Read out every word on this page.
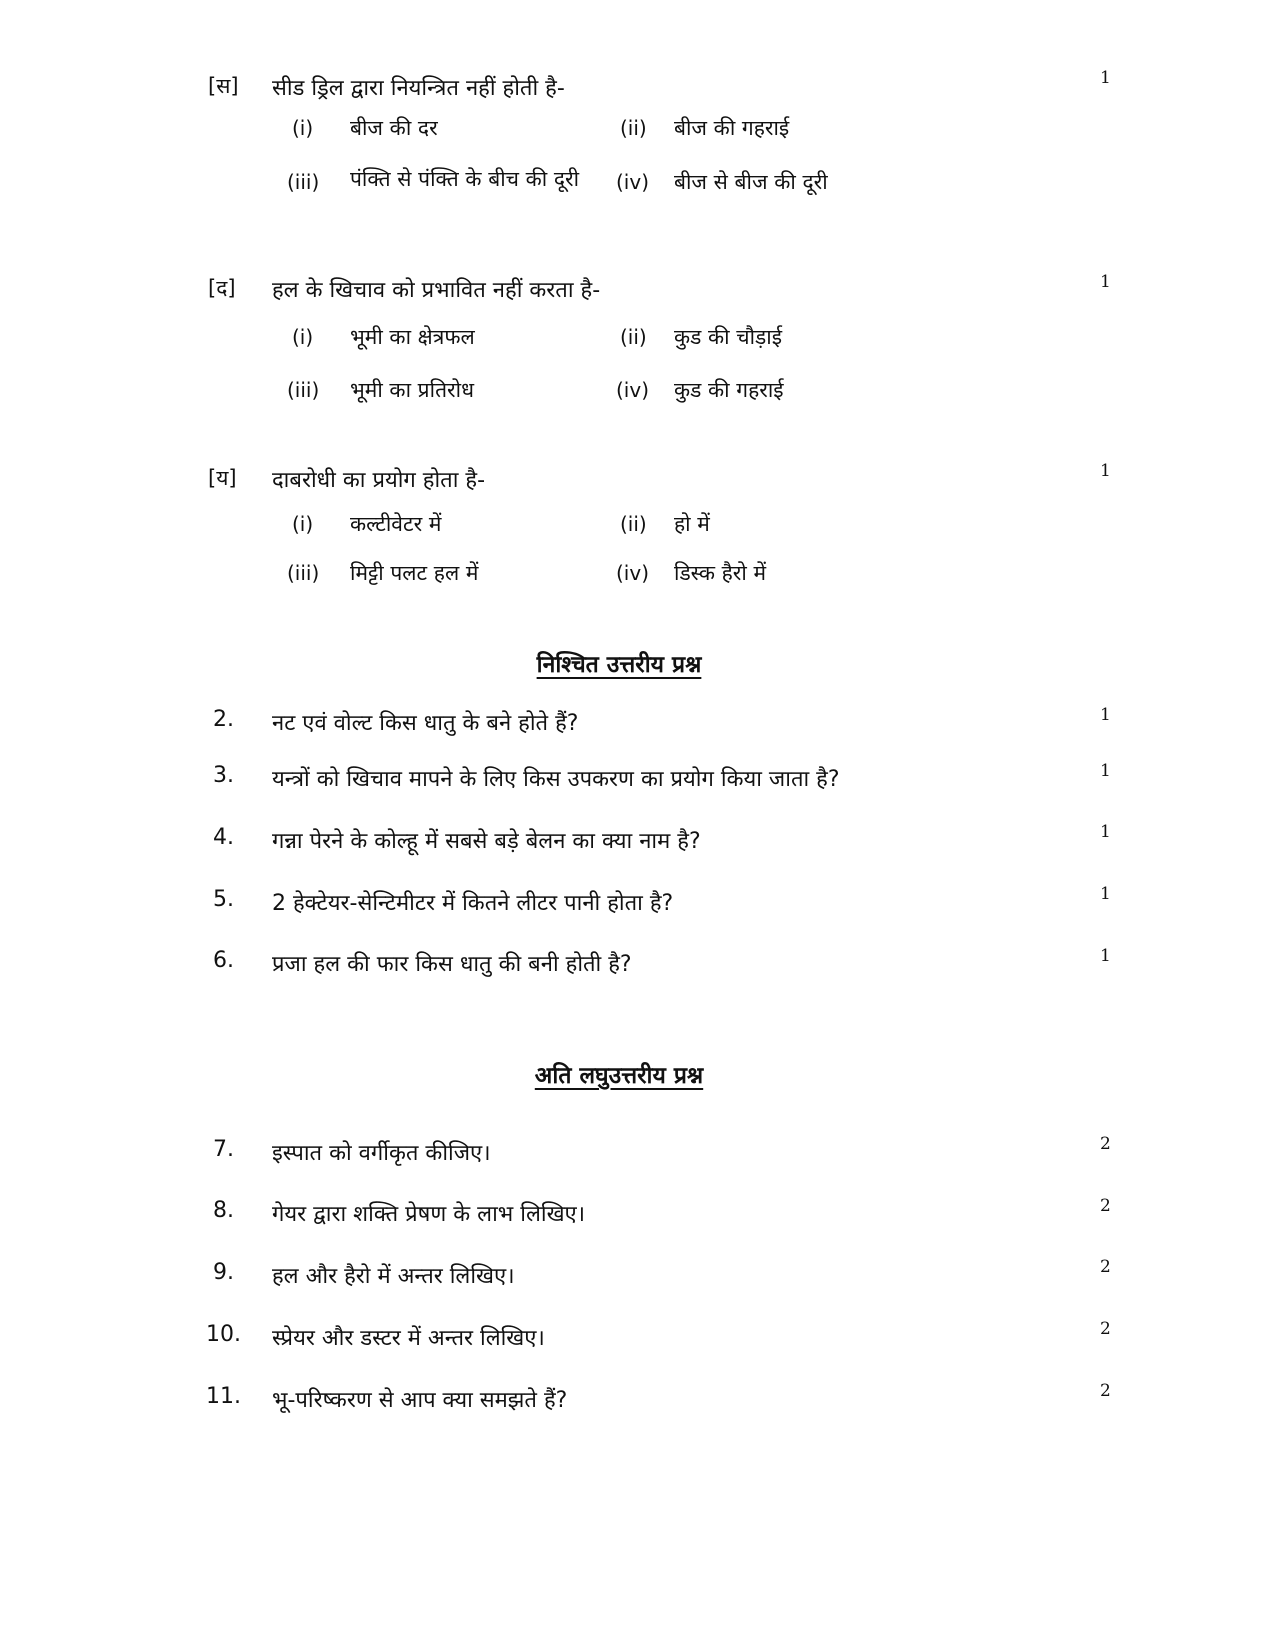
[स] सीड ड्रिल द्वारा नियन्त्रित नहीं होती है-	1
(i) बीज की दर	(ii) बीज की गहराई
(iii) पंक्ति से पंक्ति के बीच की दूरी	(iv) बीज से बीज की दूरी
[द] हल के खिचाव को प्रभावित नहीं करता है-	1
(i) भूमी का क्षेत्रफल	(ii) कुड की चौड़ाई
(iii) भूमी का प्रतिरोध	(iv) कुड की गहराई
[य] दाबरोधी का प्रयोग होता है-	1
(i) कल्टीवेटर में	(ii) हो में
(iii) मिट्टी पलट हल में	(iv) डिस्क हैरो में
निश्चित उत्तरीय प्रश्न
2. नट एवं वोल्ट किस धातु के बने होते हैं?	1
3. यन्त्रों को खिचाव मापने के लिए किस उपकरण का प्रयोग किया जाता है?	1
4. गन्ना पेरने के कोल्हू में सबसे बड़े बेलन का क्या नाम है?	1
5. 2 हेक्टेयर-सेन्टिमीटर में कितने लीटर पानी होता है?	1
6. प्रजा हल की फार किस धातु की बनी होती है?	1
अति लघुउत्तरीय प्रश्न
7. इस्पात को वर्गीकृत कीजिए।	2
8. गेयर द्वारा शक्ति प्रेषण के लाभ लिखिए।	2
9. हल और हैरो में अन्तर लिखिए।	2
10. स्प्रेयर और डस्टर में अन्तर लिखिए।	2
11. भू-परिष्करण से आप क्या समझते हैं?	2
